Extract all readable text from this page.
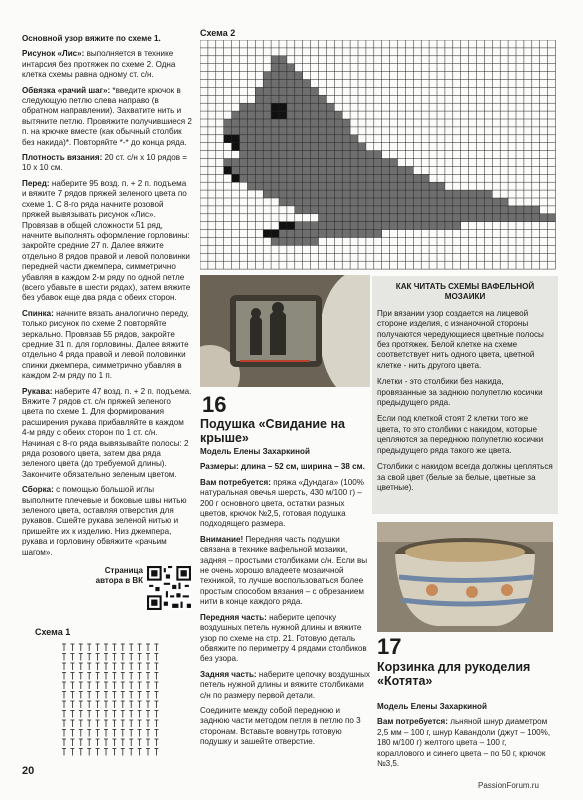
Основной узор вяжите по схеме 1.

Рисунок «Лис»: выполняется в технике интарсия без протяжек по схеме 2. Одна клетка схемы равна одному ст. с/н.

Обвязка «рачий шаг»: *введите крючок в следующую петлю слева направо (в обратном направлении). Захватите нить и вытяните петлю. Провяжите получившиеся 2 п. на крючке вместе (как обычный столбик без накида)*. Повторяйте *-* до конца ряда.

Плотность вязания: 20 ст. с/н х 10 рядов = 10 х 10 см.

Перед: наберите 95 возд. п. + 2 п. подъема и вяжите 7 рядов пряжей зеленого цвета по схеме 1. С 8-го ряда начните розовой пряжей вывязывать рисунок «Лис». Провязав в общей сложности 51 ряд, начните выполнять оформление горловины: закройте средние 27 п. Далее вяжите отдельно 8 рядов правой и левой половинки передней части джемпера, симметрично убавляя в каждом 2-м ряду по одной петле (всего убавьте в шести рядах), затем вяжите без убавок еще два ряда с обеих сторон.

Спинка: начните вязать аналогично переду, только рисунок по схеме 2 повторяйте зеркально. Провязав 55 рядов, закройте средние 31 п. для горловины. Далее вяжите отдельно 4 ряда правой и левой половинки спинки джемпера, симметрично убавляя в каждом 2-м ряду по 1 п.

Рукава: наберите 47 возд. п. + 2 п. подъема. Вяжите 7 рядов ст. с/н пряжей зеленого цвета по схеме 1. Для формирования расширения рукава прибавляйте в каждом 4-м ряду с обеих сторон по 1 ст. с/н. Начиная с 8-го ряда вывязывайте полосы: 2 ряда розового цвета, затем два ряда зеленого цвета (до требуемой длины). Закончите обязательно зеленым цветом.

Сборка: с помощью большой иглы выполните плечевые и боковые швы нитью зеленого цвета, оставляя отверстия для рукавов. Сшейте рукава зеленой нитью и пришейте их к изделию. Низ джемпера, рукава и горловину обвяжите «рачьим шагом».

Страница автора в ВК
Схема 1
Схема 2
16
Подушка «Свидание на крыше»

Модель Елены Захаркиной

Размеры: длина – 52 см, ширина – 38 см.

Вам потребуется: пряжа «Дундага» (100% натуральная овечья шерсть, 430 м/100 г) – 200 г основного цвета, остатки разных цветов, крючок №2,5, готовая подушка подходящего размера.

Внимание! Передняя часть подушки связана в технике вафельной мозаики, задняя – простыми столбиками с/н. Если вы не очень хорошо владеете мозаичной техникой, то лучше воспользоваться более простым способом вязания – с обрезанием нити в конце каждого ряда.

Передняя часть: наберите цепочку воздушных петель нужной длины и вяжите узор по схеме на стр. 21. Готовую деталь обвяжите по периметру 4 рядами столбиков без узора.

Задняя часть: наберите цепочку воздушных петель нужной длины и вяжите столбиками с/н по размеру первой детали.

Соедините между собой переднюю и заднюю части методом петля в петлю по 3 сторонам. Вставьте вовнутрь готовую подушку и зашейте отверстие.

КАК ЧИТАТЬ СХЕМЫ ВАФЕЛЬНОЙ МОЗАИКИ

При вязании узор создается на лицевой стороне изделия, с изнаночной стороны получаются чередующиеся цветные полосы без протяжек. Белой клетке на схеме соответствует нить одного цвета, цветной клетке - нить другого цвета.

Клетки - это столбики без накида, провязанные за заднюю полупетлю косички предыдущего ряда.

Если под клеткой стоят 2 клетки того же цвета, то это столбики с накидом, которые цепляются за переднюю полупетлю косички предыдущего ряда такого же цвета.

Столбики с накидом всегда должны цепляться за свой цвет (белые за белые, цветные за цветные).

17
Корзинка для рукоделия «Котята»

Модель Елены Захаркиной

Вам потребуется: льняной шнур диаметром 2,5 мм – 100 г, шнур Кавандоли (джут – 100%, 180 м/100 г) желтого цвета – 100 г, кораллового и синего цвета – по 50 г, крючок №3,5.

20
PassionForum.ru
